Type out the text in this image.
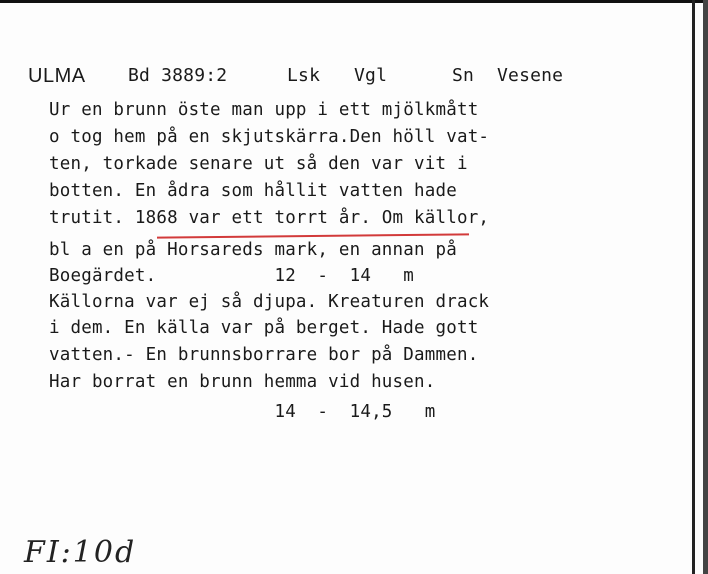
ULMA Bd 3889:2	Lsk Vgl	Sn Vesene
Ur en brunn öste man upp i ett mjölkmått
o tog hem på en skjutskärra.Den höll vat-
ten, torkade senare ut så den var vit i
botten. En ådra som hållit vatten hade
trutit. 1868 var ett torrt år. Om källor,
bl a en på Horsareds mark, en annan på
Boegärdet.           12  -  14   m
Källorna var ej så djupa. Kreaturen drack
i dem. En källa var på berget. Hade gott
vatten.- En brunnsborrare bor på Dammen.
Har borrat en brunn hemma vid husen.
14  -  14,5   m
FI:10d
